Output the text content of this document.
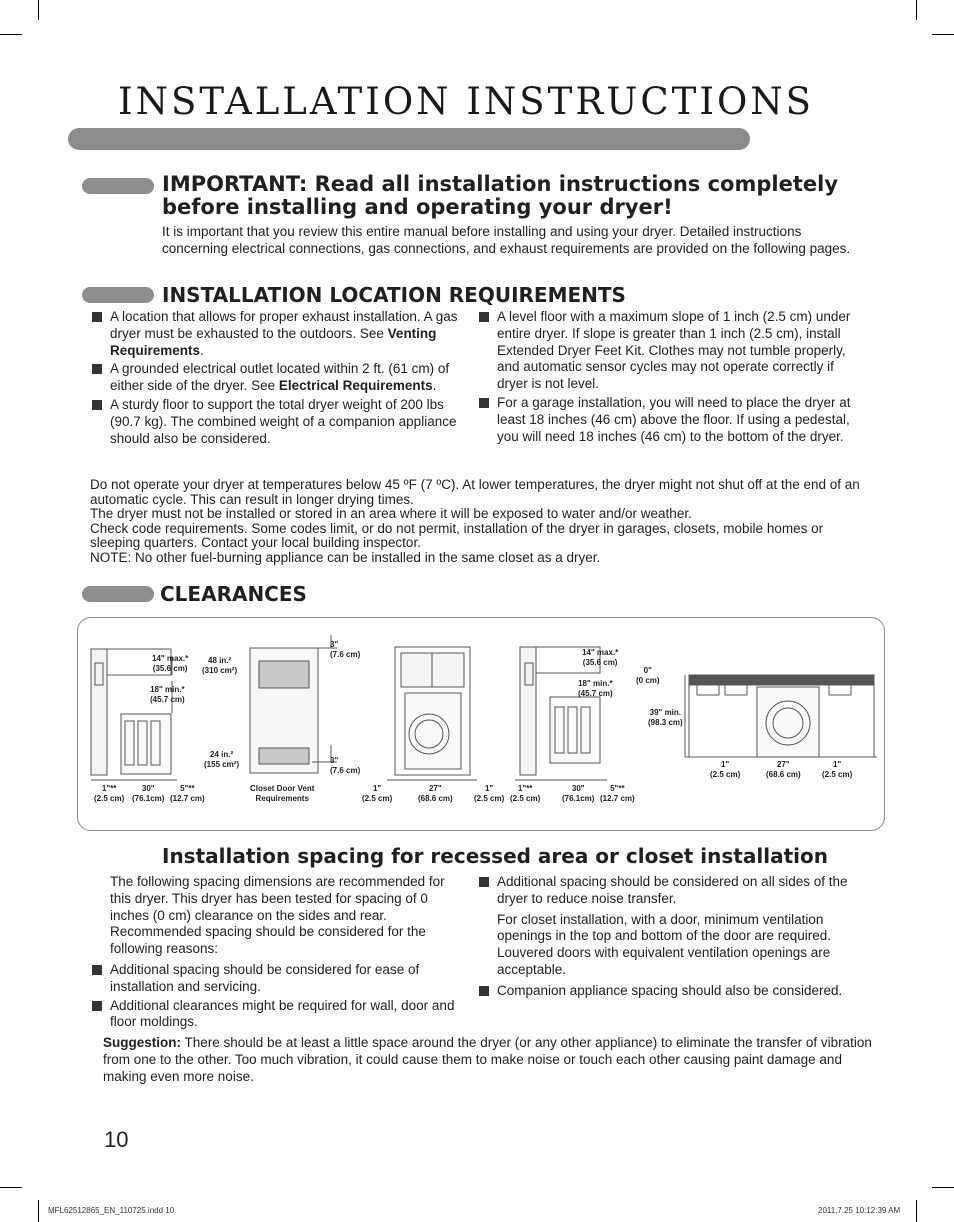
INSTALLATION INSTRUCTIONS
IMPORTANT: Read all installation instructions completely before installing and operating your dryer!
It is important that you review this entire manual before installing and using your dryer. Detailed instructions concerning electrical connections, gas connections, and exhaust requirements are provided on the following pages.
INSTALLATION LOCATION REQUIREMENTS
A location that allows for proper exhaust installation. A gas dryer must be exhausted to the outdoors. See Venting Requirements.
A grounded electrical outlet located within 2 ft. (61 cm) of either side of the dryer. See Electrical Requirements.
A sturdy floor to support the total dryer weight of 200 lbs (90.7 kg). The combined weight of a companion appliance should also be considered.
A level floor with a maximum slope of 1 inch (2.5 cm) under entire dryer. If slope is greater than 1 inch (2.5 cm), install Extended Dryer Feet Kit. Clothes may not tumble properly, and automatic sensor cycles may not operate correctly if dryer is not level.
For a garage installation, you will need to place the dryer at least 18 inches (46 cm) above the floor. If using a pedestal, you will need 18 inches (46 cm) to the bottom of the dryer.
Do not operate your dryer at temperatures below 45 ºF (7 ºC). At lower temperatures, the dryer might not shut off at the end of an automatic cycle. This can result in longer drying times.
The dryer must not be installed or stored in an area where it will be exposed to water and/or weather.
Check code requirements. Some codes limit, or do not permit, installation of the dryer in garages, closets, mobile homes or sleeping quarters. Contact your local building inspector.
NOTE: No other fuel-burning appliance can be installed in the same closet as a dryer.
CLEARANCES
14" max.*
(35.6 cm)
18" min.*
(45.7 cm)
1"**
(2.5 cm)
30"
(76.1cm)
5"**
(12.7 cm)
48 in.²
(310 cm²)
24 in.²
(155 cm²)
3"
(7.6 cm)
3"
(7.6 cm)
Closet Door Vent
Requirements
1"
(2.5 cm)
27"
(68.6 cm)
1"
(2.5 cm)
14" max.*
(35.6 cm)
18" min.*
(45.7 cm)
1"**
(2.5 cm)
30"
(76.1cm)
5"**
(12.7 cm)
0"
(0 cm)
39" min.
(98.3 cm)
1"
(2.5 cm)
27"
(68.6 cm)
1"
(2.5 cm)
Installation spacing for recessed area or closet installation
The following spacing dimensions are recommended for this dryer. This dryer has been tested for spacing of 0 inches (0 cm) clearance on the sides and rear. Recommended spacing should be considered for the following reasons:
Additional spacing should be considered for ease of installation and servicing.
Additional clearances might be required for wall, door and floor moldings.
Additional spacing should be considered on all sides of the dryer to reduce noise transfer.
For closet installation, with a door, minimum ventilation openings in the top and bottom of the door are required. Louvered doors with equivalent ventilation openings are acceptable.
Companion appliance spacing should also be considered.
Suggestion: There should be at least a little space around the dryer (or any other appliance) to eliminate the transfer of vibration from one to the other. Too much vibration, it could cause them to make noise or touch each other causing paint damage and making even more noise.
10
MFL62512865_EN_110725.indd 10	2011.7.25 10:12:39 AM
